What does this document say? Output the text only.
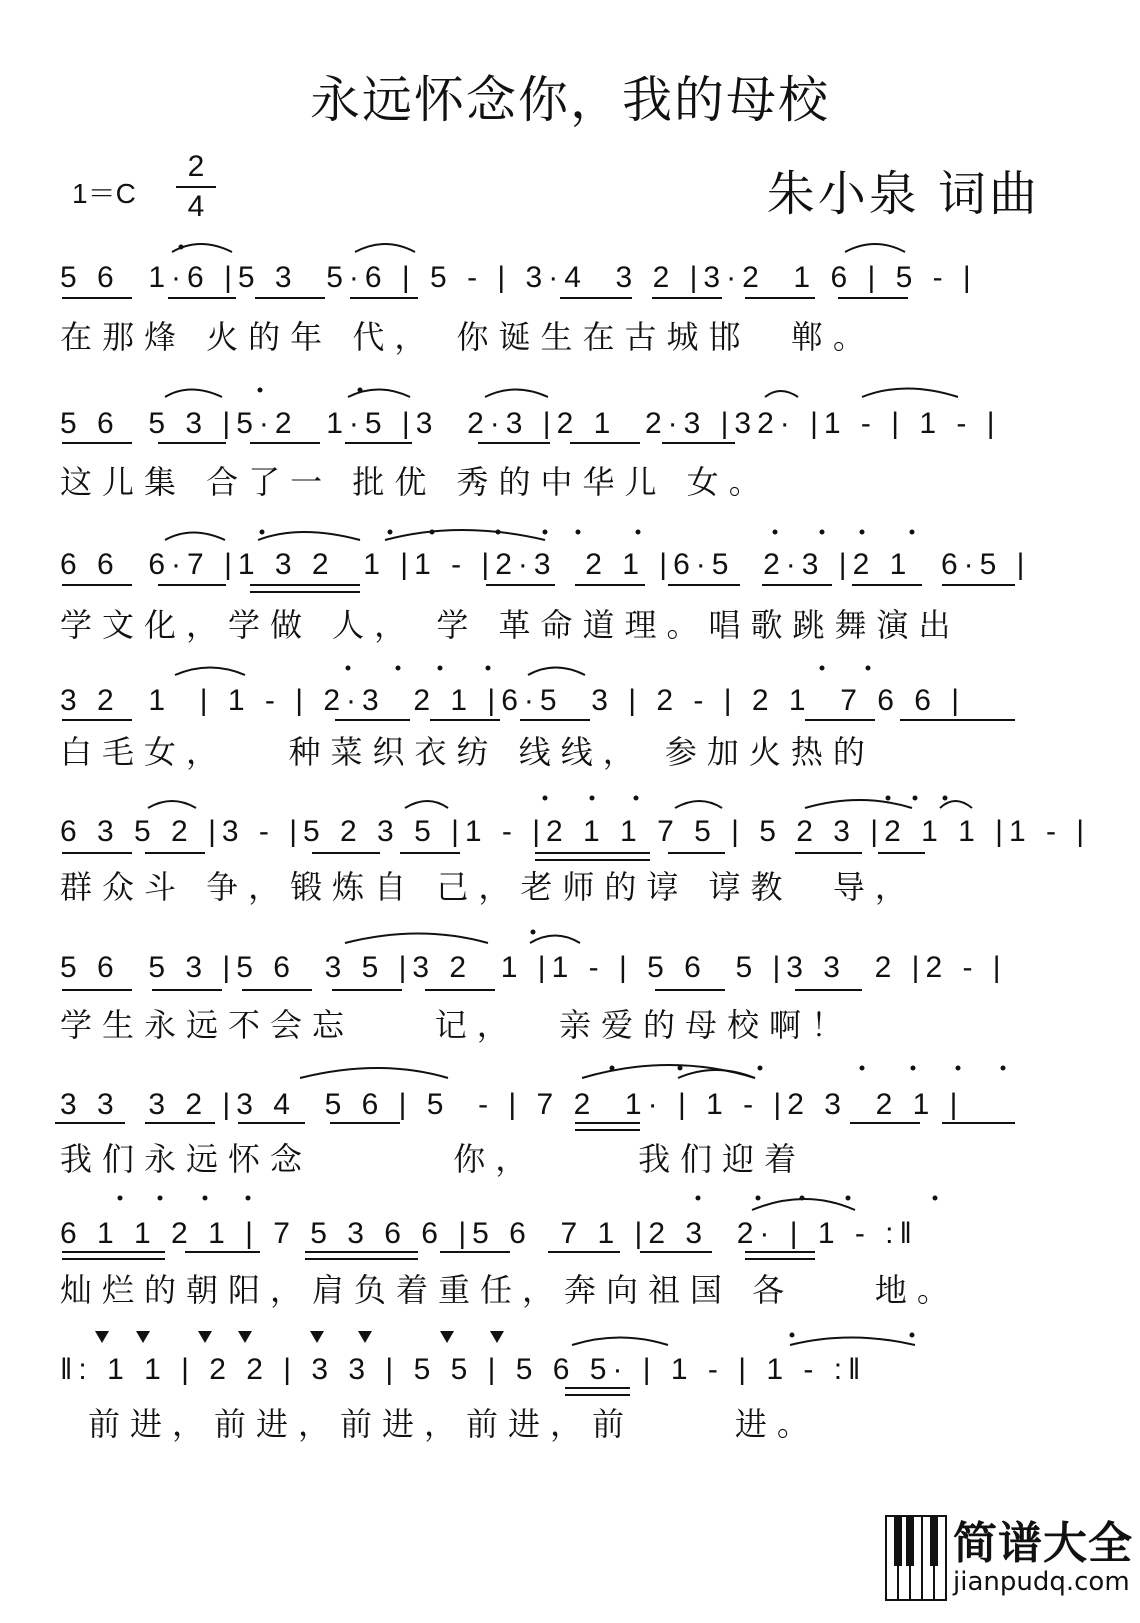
永远怀念你，我的母校
1＝C
2
4	朱小泉 词曲
5 6  1·6 |5 3  5·6 | 5 - | 3·4  3 2 |3·2  1 6 | 5 - |
在那烽 火的年 代， 你诞生在古城邯  郸。
5 6  5 3 |5·2  1·5 |3  2·3 |2 1  2·3 |32· |1 - | 1 - |
这儿集 合了一 批优 秀的中华儿 女。
6 6  6·7 |1 3 2  1 |1 - |2·3  2 1 |6·5  2·3 |2 1  6·5 |
学文化，学做 人， 学 革命道理。唱歌跳舞演出
3 2  1  | 1 - | 2·3  2 1 |6·5  3 | 2 - | 2 1  7 6 6 |
白毛女，   种菜织衣纺 线线， 参加火热的
6 3 5 2 |3 - |5 2 3 5 |1 - |2 1 1 7 5 | 5 2 3 |2 1 1 |1 - |
群众斗 争，锻炼自 己，老师的谆 谆教  导，
5 6  5 3 |5 6  3 5 |3 2  1 |1 - | 5 6  5 |3 3  2 |2 - |
学生永远不会忘    记，  亲爱的母校啊！
3 3  3 2 |3 4  5 6 | 5  - | 7 2  1· | 1 - |2 3  2 1 |
我们永远怀念       你，     我们迎着
6 1 1 2 1 | 7 5 3 6 6 |5 6  7 1 |2 3  2· | 1 - :‖
灿烂的朝阳，肩负着重任，奔向祖国 各    地。
‖: 1 1 | 2 2 | 3 3 | 5 5 | 5 6 5· | 1 - | 1 - :‖
前进，前进，前进，前进，前     进。
简谱大全
jianpudq.com
